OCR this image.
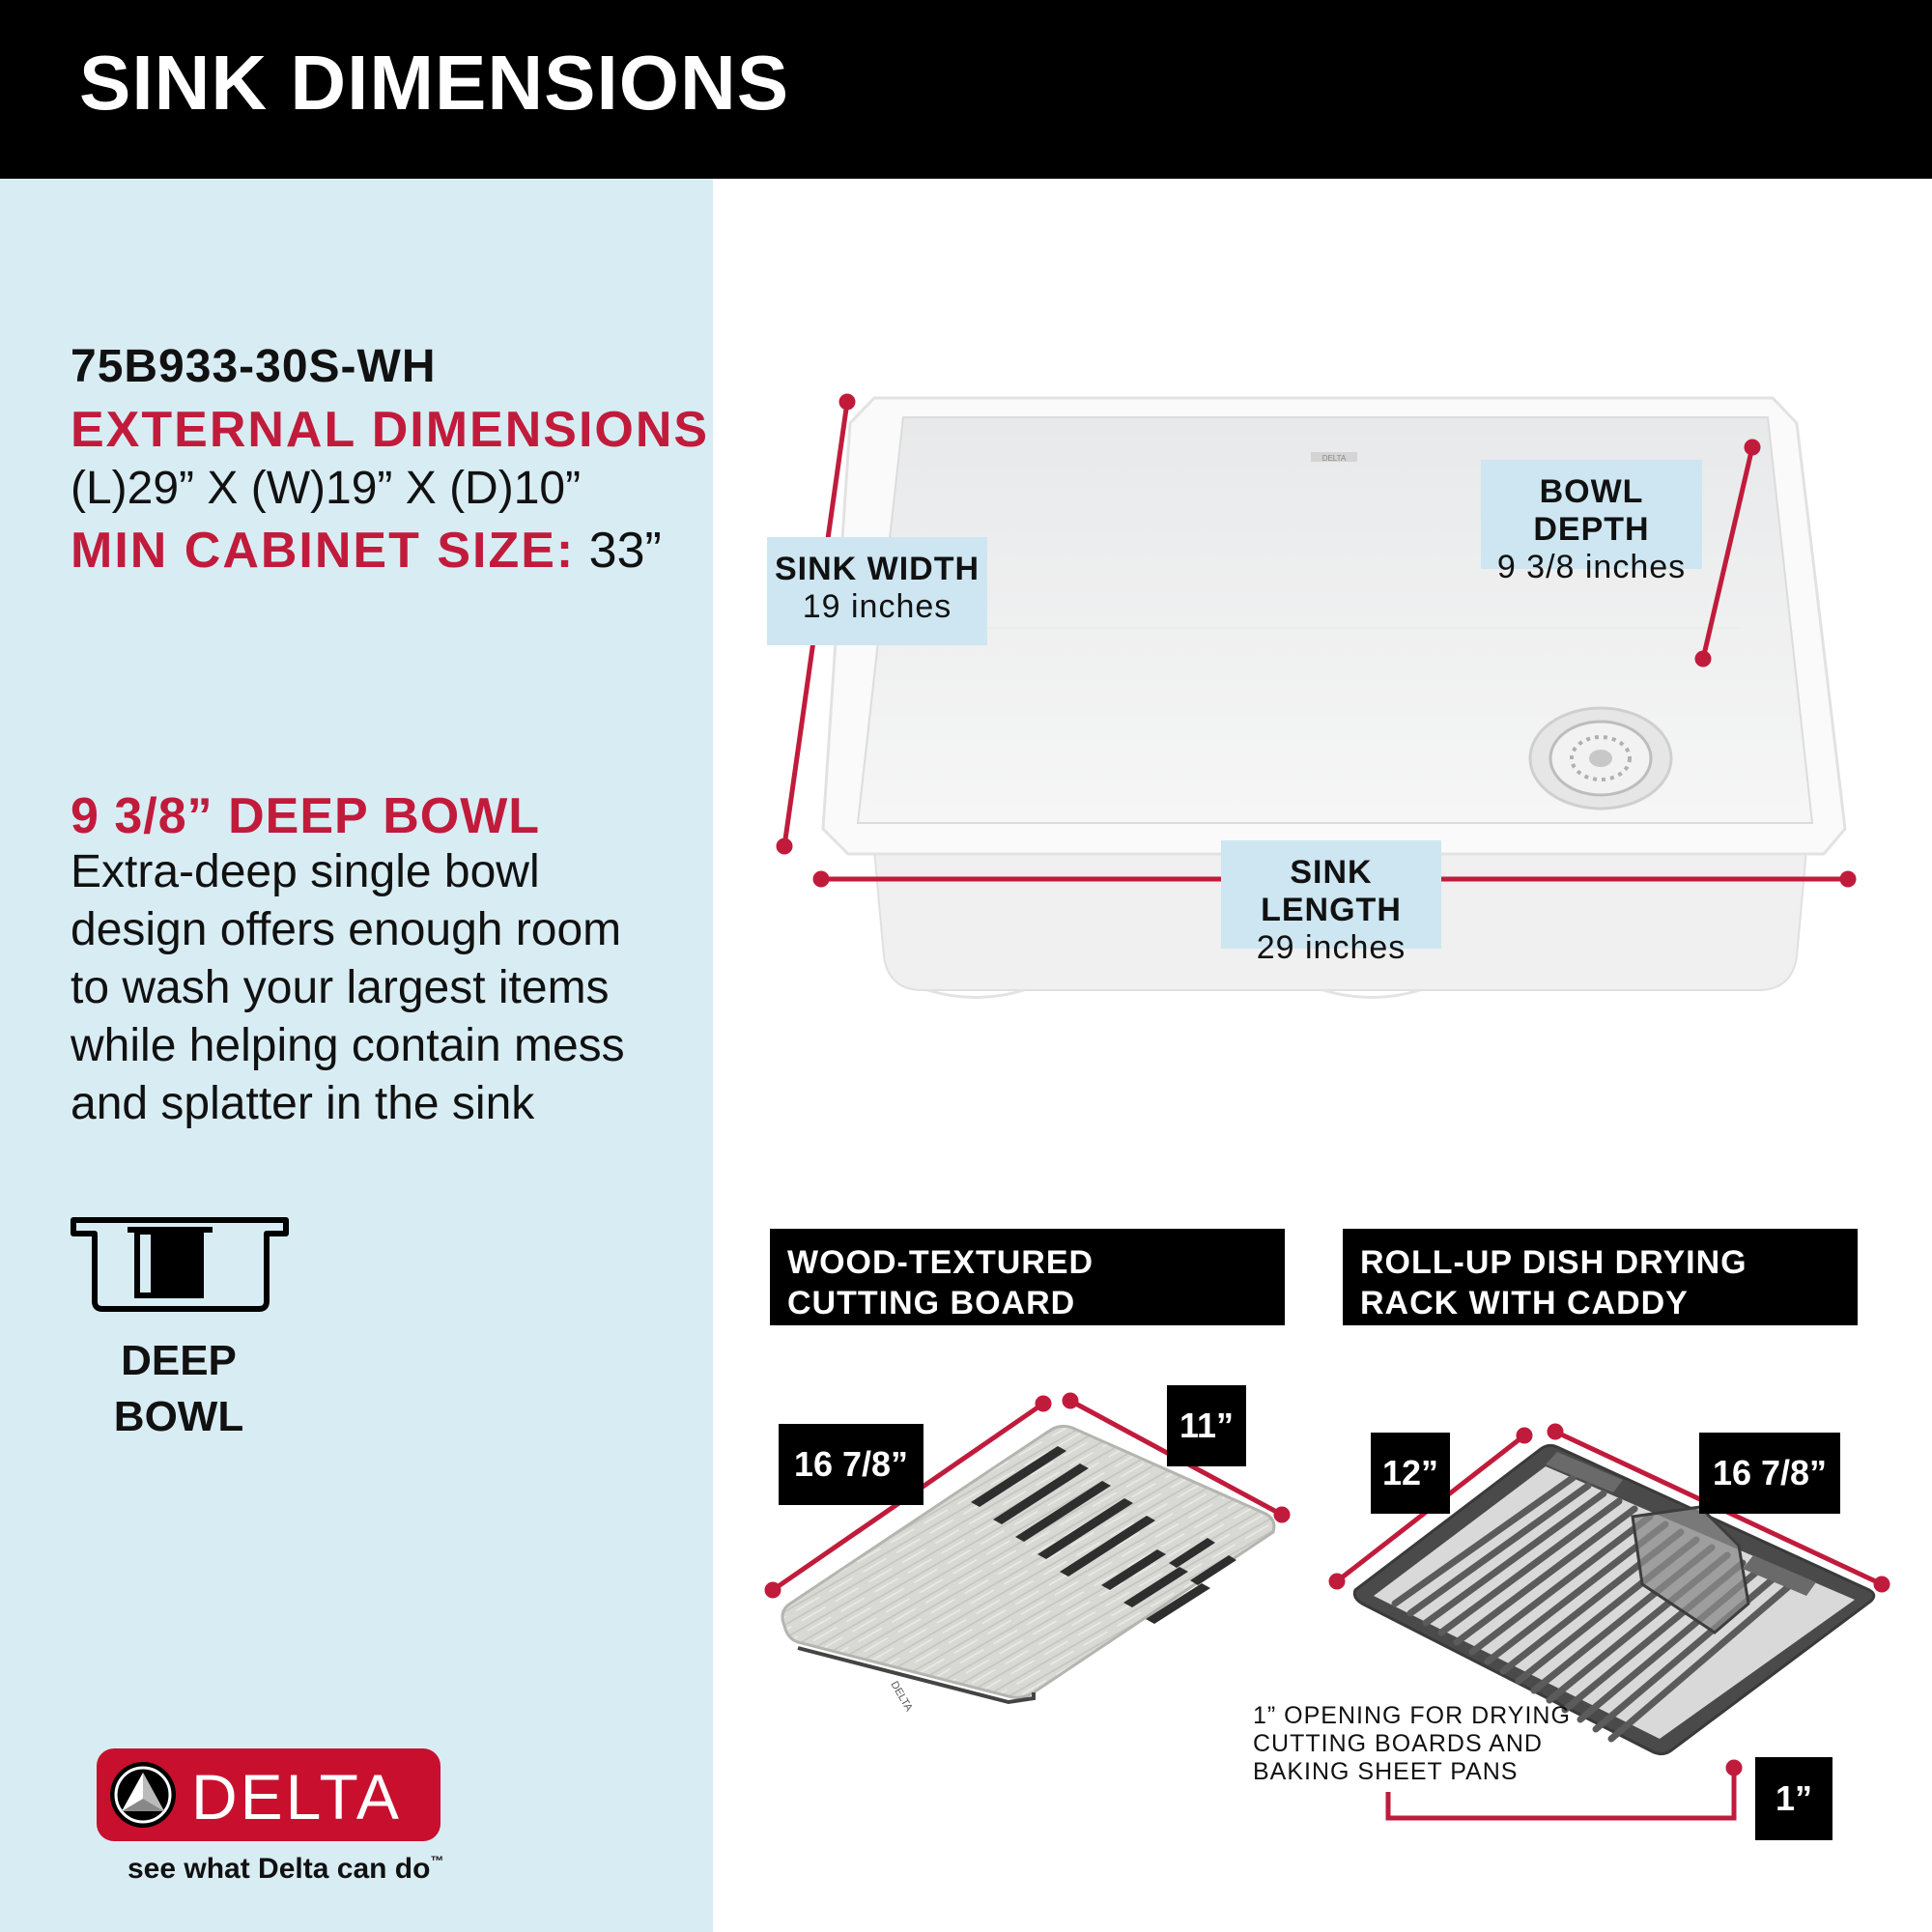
SINK DIMENSIONS
75B933-30S-WH
EXTERNAL DIMENSIONS
(L)29” X (W)19” X (D)10”
MIN CABINET SIZE: 33”
9 3/8” DEEP BOWL
Extra-deep single bowl
design offers enough room
to wash your largest items
while helping contain mess
and splatter in the sink
DEEP
BOWL
DELTA
see what Delta can do™
DELTA
SINK WIDTH
19 inches
BOWL DEPTH
9 3/8 inches
SINK LENGTH
29 inches
WOOD-TEXTURED
CUTTING BOARD
ROLL-UP DISH DRYING
RACK WITH CADDY
DELTA
16 7/8”
11”
12”	16 7/8”
1”
1” OPENING FOR DRYING
CUTTING BOARDS AND
BAKING SHEET PANS
